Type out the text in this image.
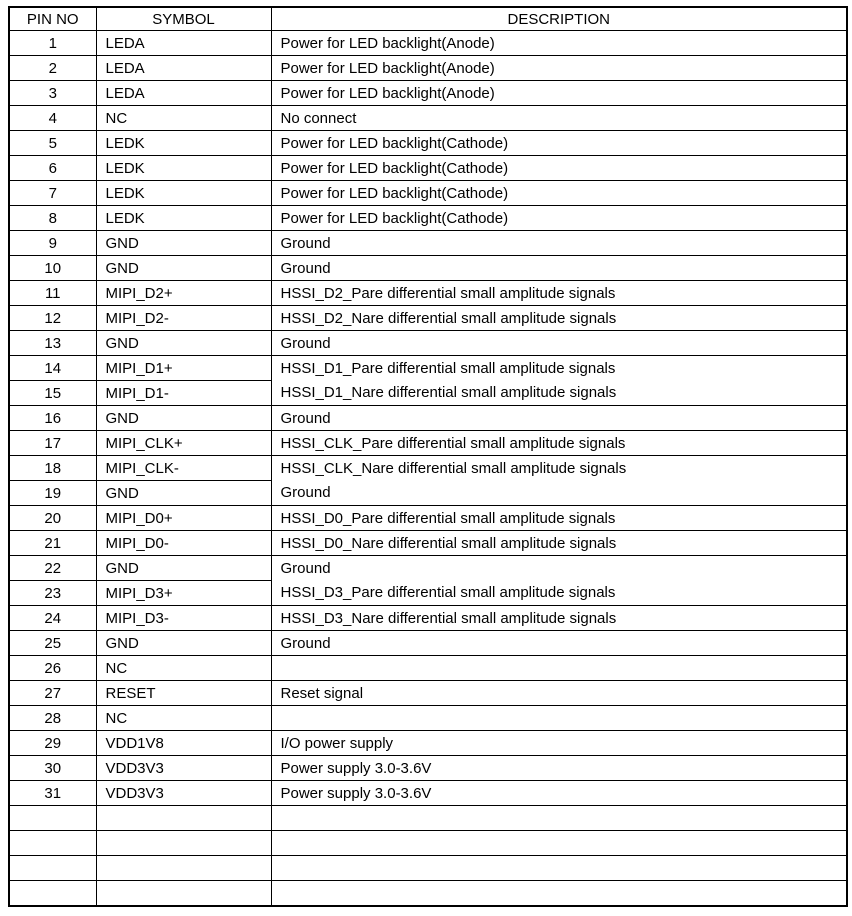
PIN NO	SYMBOL	DESCRIPTION
1	LEDA	Power for LED backlight(Anode)
2	LEDA	Power for LED backlight(Anode)
3	LEDA	Power for LED backlight(Anode)
4	NC	No connect
5	LEDK	Power for LED backlight(Cathode)
6	LEDK	Power for LED backlight(Cathode)
7	LEDK	Power for LED backlight(Cathode)
8	LEDK	Power for LED backlight(Cathode)
9	GND	Ground
10	GND	Ground
11	MIPI_D2+	HSSI_D2_Pare differential small amplitude signals
12	MIPI_D2-	HSSI_D2_Nare differential small amplitude signals
13	GND	Ground
14	MIPI_D1+	HSSI_D1_Pare differential small amplitude signals
15	MIPI_D1-	HSSI_D1_Nare differential small amplitude signals
16	GND	Ground
17	MIPI_CLK+	HSSI_CLK_Pare differential small amplitude signals
18	MIPI_CLK-	HSSI_CLK_Nare differential small amplitude signals
19	GND	Ground
20	MIPI_D0+	HSSI_D0_Pare differential small amplitude signals
21	MIPI_D0-	HSSI_D0_Nare differential small amplitude signals
22	GND	Ground
23	MIPI_D3+	HSSI_D3_Pare differential small amplitude signals
24	MIPI_D3-	HSSI_D3_Nare differential small amplitude signals
25	GND	Ground
26	NC	
27	RESET	Reset signal
28	NC	
29	VDD1V8	I/O power supply
30	VDD3V3	Power supply 3.0-3.6V
31	VDD3V3	Power supply 3.0-3.6V
